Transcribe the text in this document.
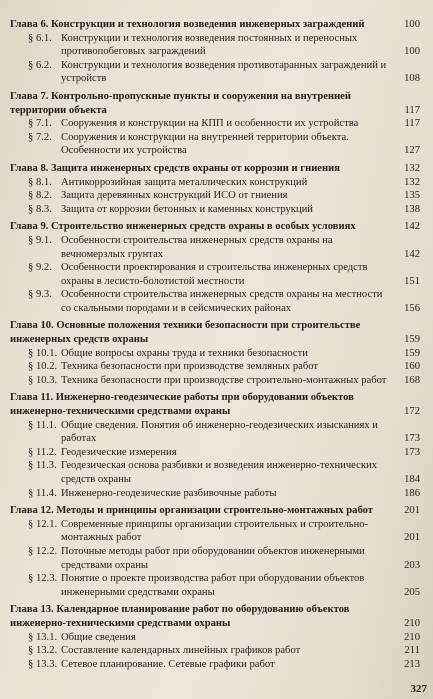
Глава 6. Конструкции и технология возведения инженерных заграждений	100
§ 6.1. Конструкции и технология возведения постоянных и переносных противопобеговых заграждений	100
§ 6.2. Конструкции и технология возведения противотаранных заграждений и устройств	108
Глава 7. Контрольно-пропускные пункты и сооружения на внутренней территории объекта	117
§ 7.1. Сооружения и конструкции на КПП и особенности их устройства	117
§ 7.2. Сооружения и конструкции на внутренней территории объекта. Особенности их устройства	127
Глава 8. Защита инженерных средств охраны от коррозии и гниения	132
§ 8.1. Антикоррозийная защита металлических конструкций	132
§ 8.2. Защита деревянных конструкций ИСО от гниения	135
§ 8.3. Защита от коррозии бетонных и каменных конструкций	138
Глава 9. Строительство инженерных средств охраны в особых условиях	142
§ 9.1. Особенности строительства инженерных средств охраны на вечномерзлых грунтах	142
§ 9.2. Особенности проектирования и строительства инженерных средств охраны в лесисто-болотистой местности	151
§ 9.3. Особенности строительства инженерных средств охраны на местности со скальными породами и в сейсмических районах	156
Глава 10. Основные положения техники безопасности при строительстве инженерных средств охраны	159
§ 10.1. Общие вопросы охраны труда и техники безопасности	159
§ 10.2. Техника безопасности при производстве земляных работ	160
§ 10.3. Техника безопасности при производстве строительно-монтажных работ	168
Глава 11. Инженерно-геодезические работы при оборудовании объектов инженерно-техническими средствами охраны	172
§ 11.1. Общие сведения. Понятия об инженерно-геодезических изысканиях и работах	173
§ 11.2. Геодезические измерения	173
§ 11.3. Геодезическая основа разбивки и возведения инженерно-технических средств охраны	184
§ 11.4. Инженерно-геодезические разбивочные работы	186
Глава 12. Методы и принципы организации строительно-монтажных работ	201
§ 12.1. Современные принципы организации строительных и строительно-монтажных работ	201
§ 12.2. Поточные методы работ при оборудовании объектов инженерными средствами охраны	203
§ 12.3. Понятие о проекте производства работ при оборудовании объектов инженерными средствами охраны	205
Глава 13. Календарное планирование работ по оборудованию объектов инженерно-техническими средствами охраны	210
§ 13.1. Общие сведения	210
§ 13.2. Составление календарных линейных графиков работ	211
§ 13.3. Сетевое планирование. Сетевые графики работ	213
327
